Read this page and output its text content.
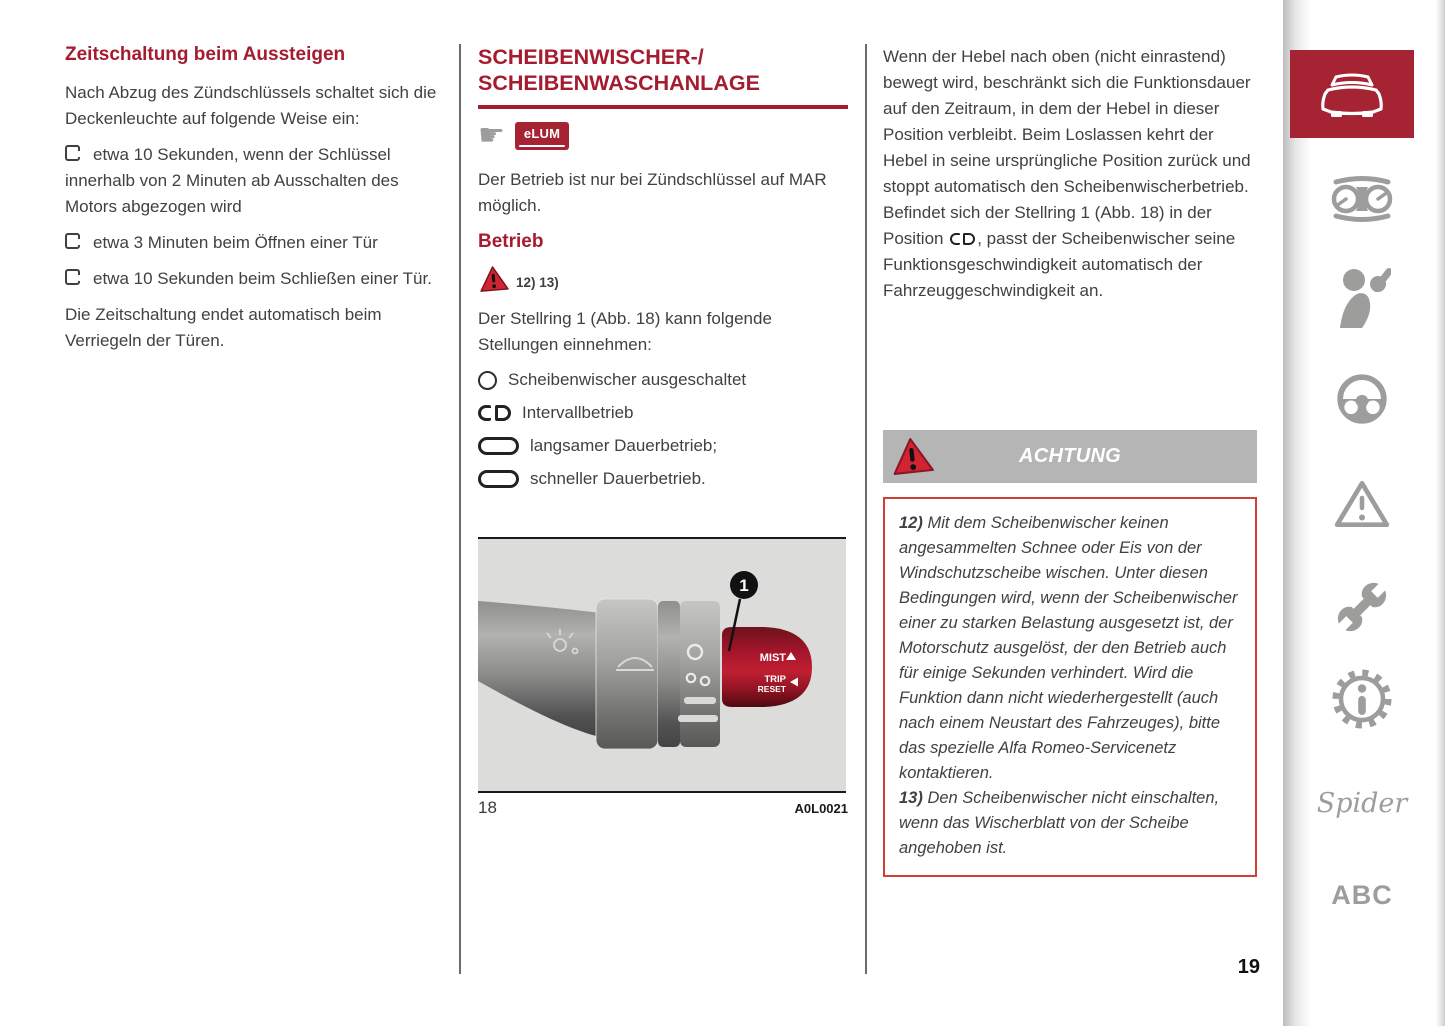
Zeitschaltung beim Aussteigen

Nach Abzug des Zündschlüssels schaltet sich die Deckenleuchte auf folgende Weise ein:

etwa 10 Sekunden, wenn der Schlüssel innerhalb von 2 Minuten ab Ausschalten des Motors abgezogen wird

etwa 3 Minuten beim Öffnen einer Tür

etwa 10 Sekunden beim Schließen einer Tür.

Die Zeitschaltung endet automatisch beim Verriegeln der Türen.

SCHEIBENWISCHER-/
SCHEIBENWASCHANLAGE
☛	eLUM

Der Betrieb ist nur bei Zündschlüssel auf MAR möglich.

Betrieb
12) 13)

Der Stellring 1 (Abb. 18) kann folgende Stellungen einnehmen:

Scheibenwischer ausgeschaltet
Intervallbetrieb
langsamer Dauerbetrieb;
schneller Dauerbetrieb.
MIST
TRIP
RESET
1
18	A0L0021

Wenn der Hebel nach oben (nicht einrastend) bewegt wird, beschränkt sich die Funktionsdauer auf den Zeitraum, in dem der Hebel in dieser Position verbleibt. Beim Loslassen kehrt der Hebel in seine ursprüngliche Position zurück und stoppt automatisch den Scheibenwischerbetrieb.
Befindet sich der Stellring 1 (Abb. 18) in der Position , passt der Scheibenwischer seine Funktionsgeschwindigkeit automatisch der Fahrzeuggeschwindigkeit an.

ACHTUNG

12) Mit dem Scheibenwischer keinen angesammelten Schnee oder Eis von der Windschutzscheibe wischen. Unter diesen Bedingungen wird, wenn der Scheibenwischer einer zu starken Belastung ausgesetzt ist, der Motorschutz ausgelöst, der den Betrieb auch für einige Sekunden verhindert. Wird die Funktion dann nicht wiederhergestellt (auch nach einem Neustart des Fahrzeuges), bitte das spezielle Alfa Romeo-Servicenetz kontaktieren.

13) Den Scheibenwischer nicht einschalten, wenn das Wischerblatt von der Scheibe angehoben ist.

Spider
ABC
19
